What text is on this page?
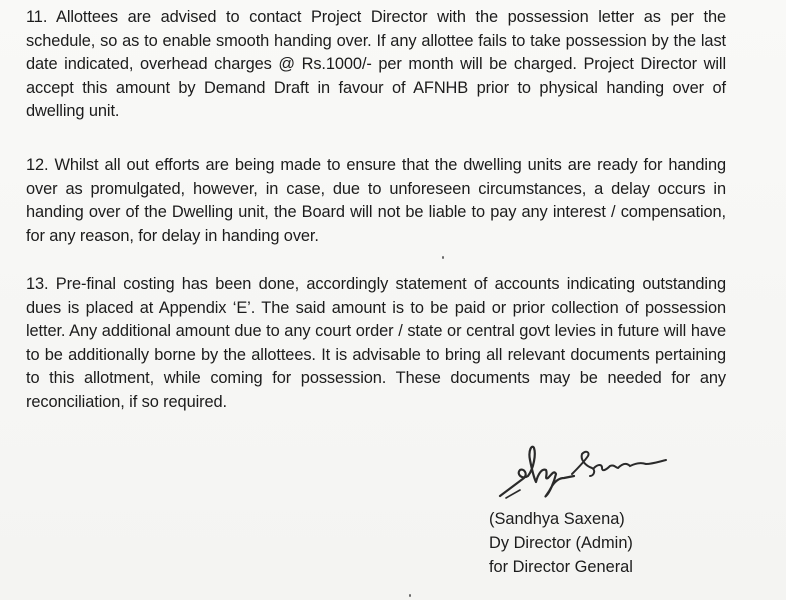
11. Allottees are advised to contact Project Director with the possession letter as per the schedule, so as to enable smooth handing over. If any allottee fails to take possession by the last date indicated, overhead charges @ Rs.1000/- per month will be charged. Project Director will accept this amount by Demand Draft in favour of AFNHB prior to physical handing over of dwelling unit.

12. Whilst all out efforts are being made to ensure that the dwelling units are ready for handing over as promulgated, however, in case, due to unforeseen circumstances, a delay occurs in handing over of the Dwelling unit, the Board will not be liable to pay any interest / compensation, for any reason, for delay in handing over.

13. Pre-final costing has been done, accordingly statement of accounts indicating outstanding dues is placed at Appendix ‘E’. The said amount is to be paid or prior collection of possession letter. Any additional amount due to any court order / state or central govt levies in future will have to be additionally borne by the allottees. It is advisable to bring all relevant documents pertaining to this allotment, while coming for possession. These documents may be needed for any reconciliation, if so required.

(Sandhya Saxena)
Dy Director (Admin)
for Director General
